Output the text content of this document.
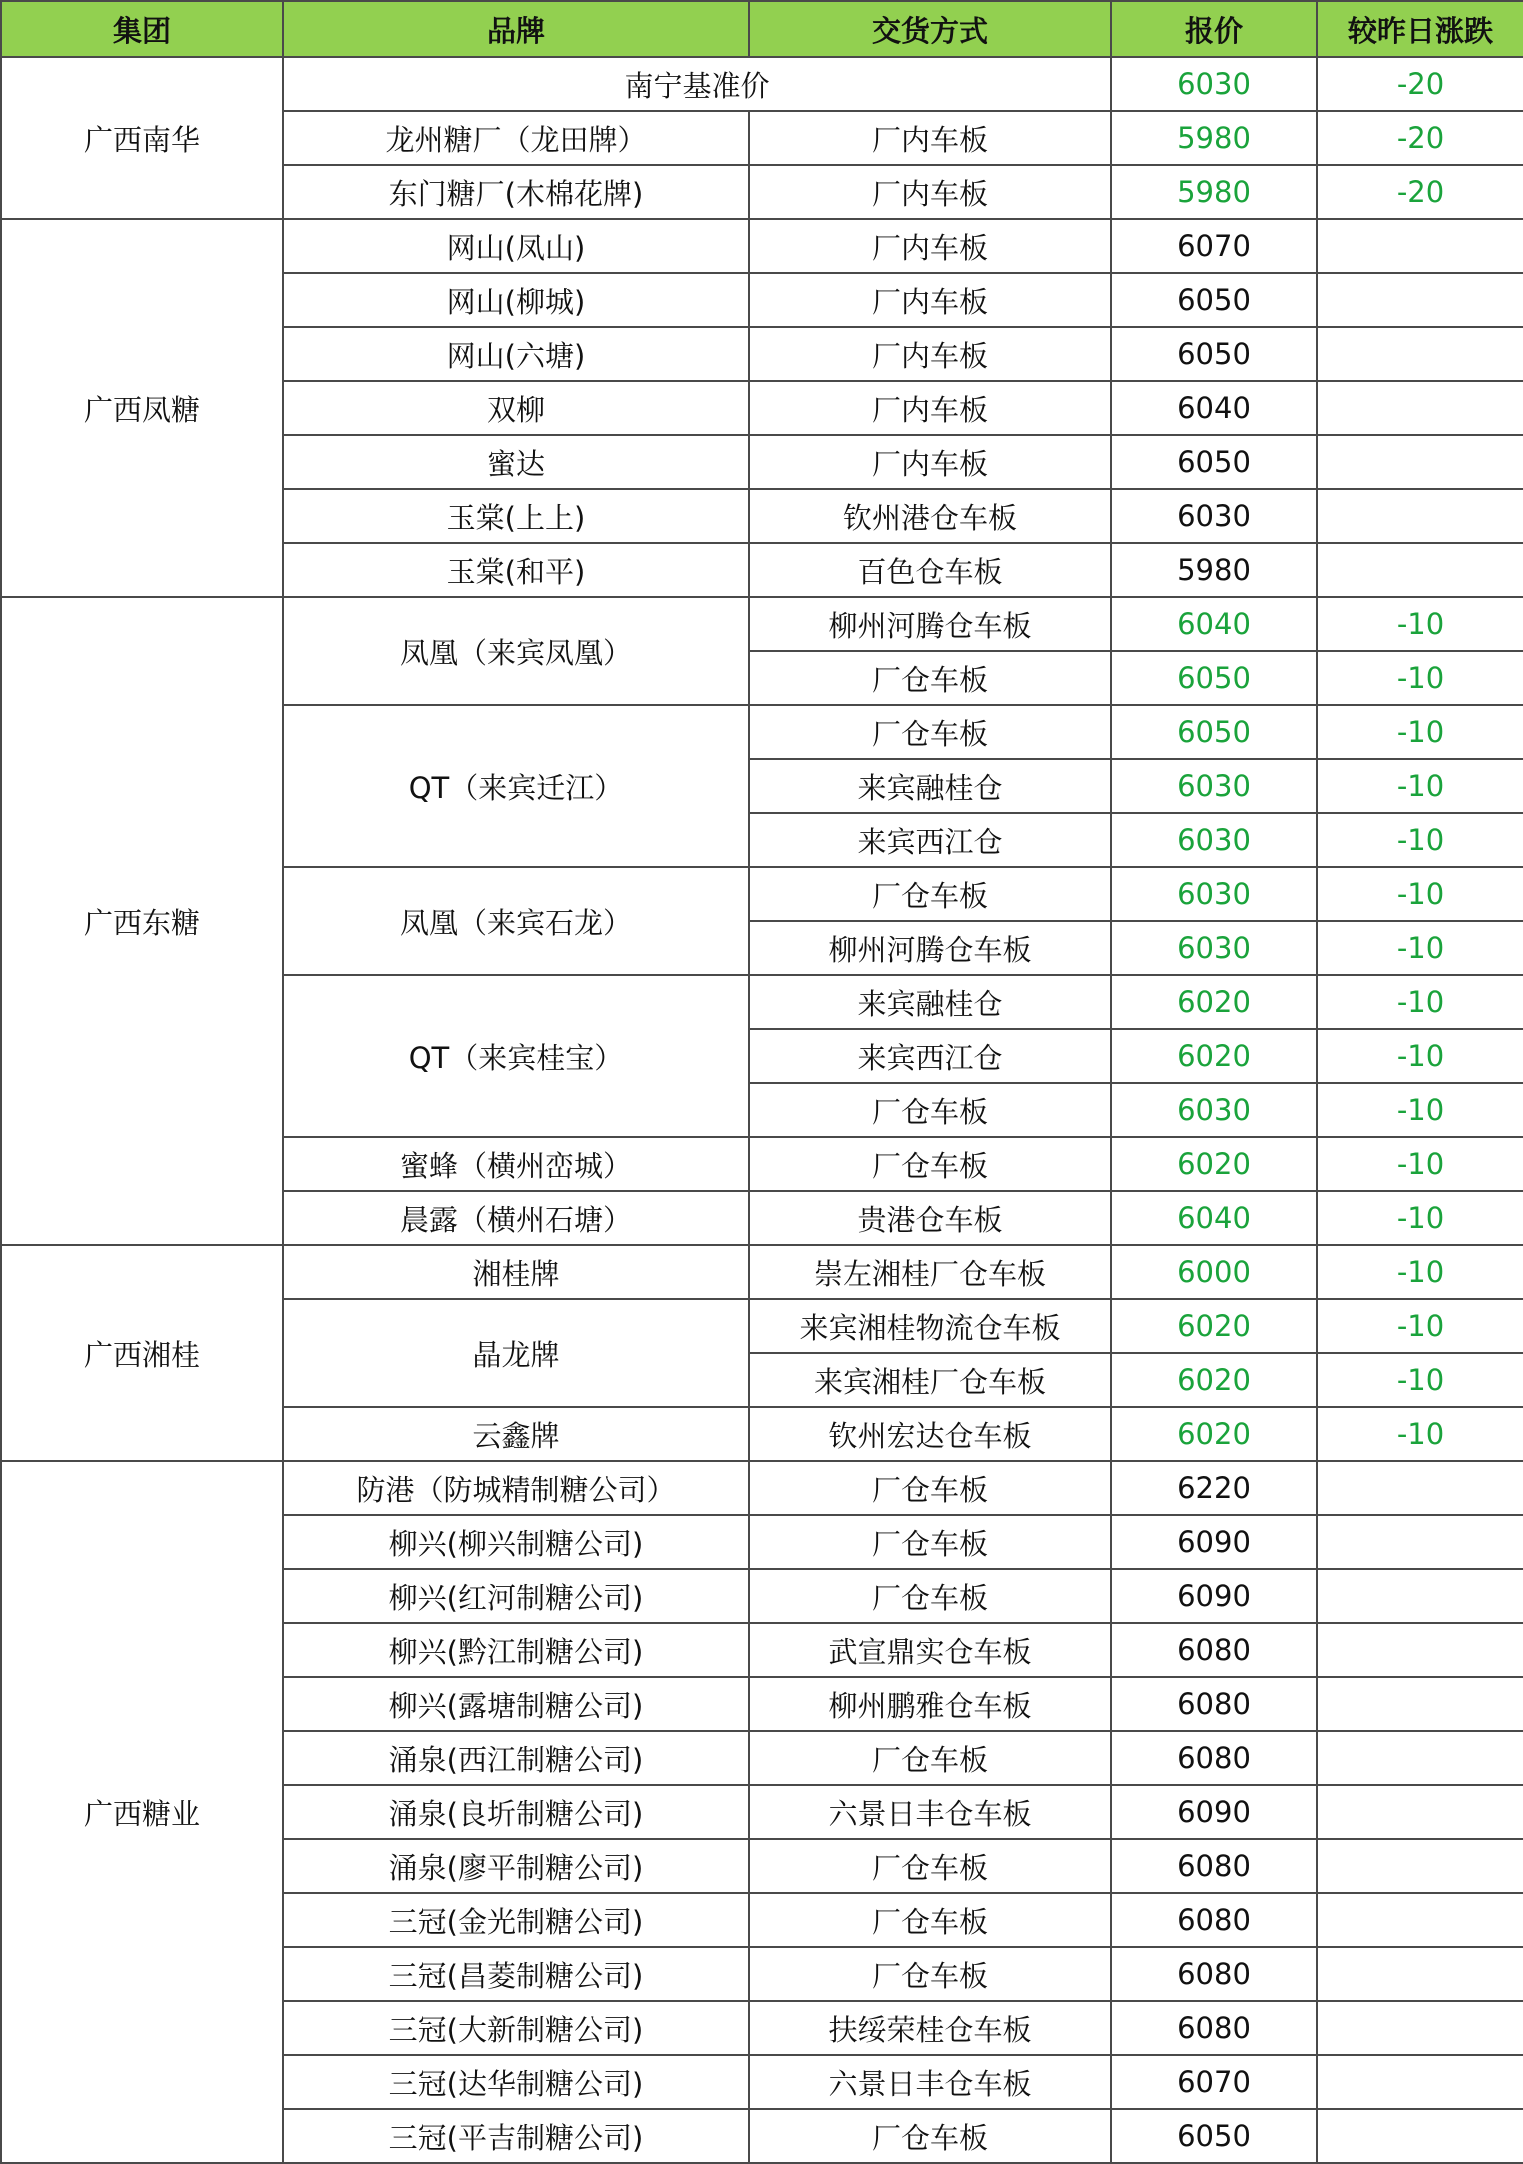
集团	品牌	交货方式	报价	较昨日涨跌
广西南华	南宁基准价		6030	-20
	龙州糖厂（龙田牌）	厂内车板	5980	-20
	东门糖厂(木棉花牌)	厂内车板	5980	-20
广西凤糖	网山(凤山)	厂内车板	6070	
	网山(柳城)	厂内车板	6050	
	网山(六塘)	厂内车板	6050	
	双柳	厂内车板	6040	
	蜜达	厂内车板	6050	
	玉棠(上上)	钦州港仓车板	6030	
	玉棠(和平)	百色仓车板	5980	
广西东糖	凤凰（来宾凤凰）	柳州河腾仓车板	6040	-10
		厂仓车板	6050	-10
	QT（来宾迁江）	厂仓车板	6050	-10
		来宾融桂仓	6030	-10
		来宾西江仓	6030	-10
	凤凰（来宾石龙）	厂仓车板	6030	-10
		柳州河腾仓车板	6030	-10
	QT（来宾桂宝）	来宾融桂仓	6020	-10
		来宾西江仓	6020	-10
		厂仓车板	6030	-10
	蜜蜂（横州峦城）	厂仓车板	6020	-10
	晨露（横州石塘）	贵港仓车板	6040	-10
广西湘桂	湘桂牌	崇左湘桂厂仓车板	6000	-10
	晶龙牌	来宾湘桂物流仓车板	6020	-10
		来宾湘桂厂仓车板	6020	-10
	云鑫牌	钦州宏达仓车板	6020	-10
广西糖业	防港（防城精制糖公司）	厂仓车板	6220	
	柳兴(柳兴制糖公司)	厂仓车板	6090	
	柳兴(红河制糖公司)	厂仓车板	6090	
	柳兴(黔江制糖公司)	武宣鼎实仓车板	6080	
	柳兴(露塘制糖公司)	柳州鹏雅仓车板	6080	
	涌泉(西江制糖公司)	厂仓车板	6080	
	涌泉(良圻制糖公司)	六景日丰仓车板	6090	
	涌泉(廖平制糖公司)	厂仓车板	6080	
	三冠(金光制糖公司)	厂仓车板	6080	
	三冠(昌菱制糖公司)	厂仓车板	6080	
	三冠(大新制糖公司)	扶绥荣桂仓车板	6080	
	三冠(达华制糖公司)	六景日丰仓车板	6070	
	三冠(平吉制糖公司)	厂仓车板	6050	
